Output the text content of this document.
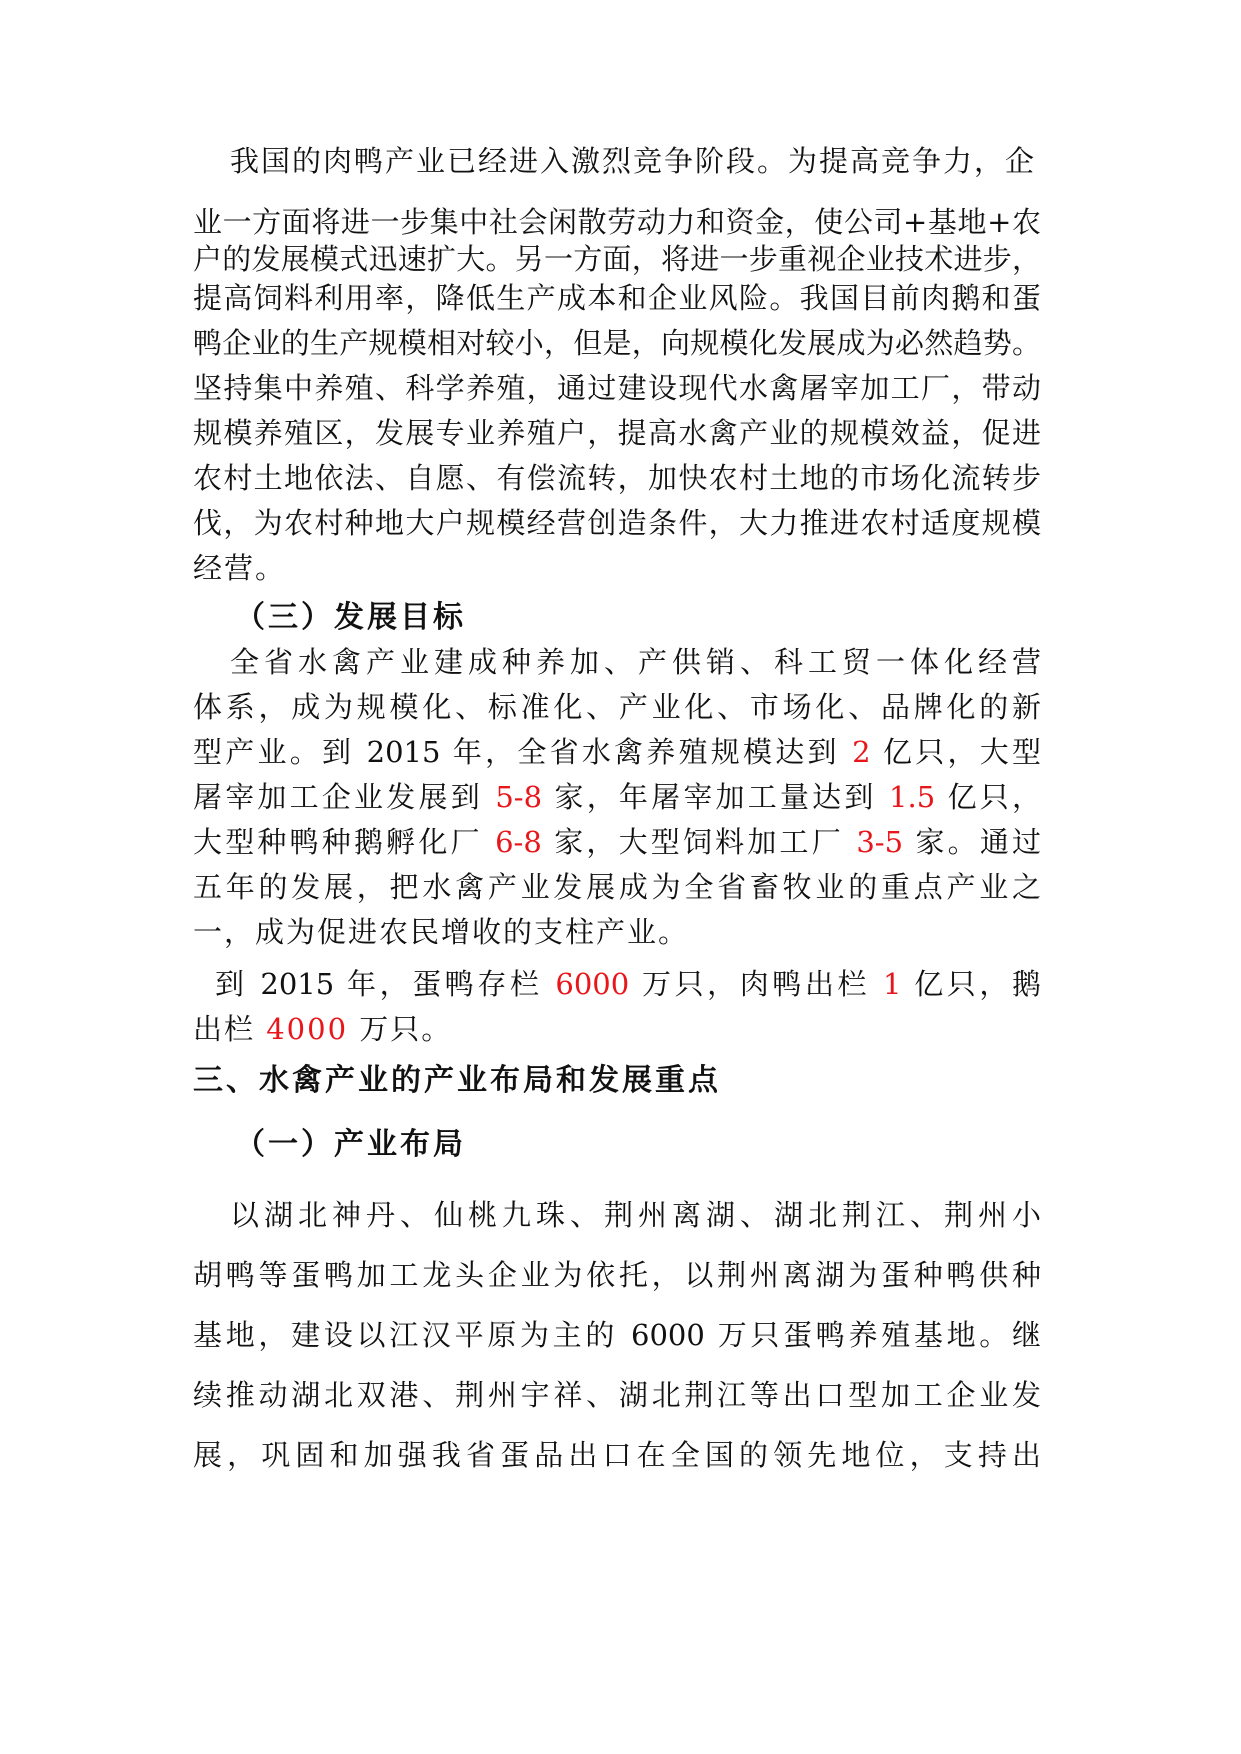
我国的肉鸭产业已经进入激烈竞争阶段。为提高竞争力，企

业一方面将进一步集中社会闲散劳动力和资金，使公司+基地+农

户的发展模式迅速扩大。另一方面，将进一步重视企业技术进步，

提高饲料利用率，降低生产成本和企业风险。我国目前肉鹅和蛋

鸭企业的生产规模相对较小，但是，向规模化发展成为必然趋势。

坚持集中养殖、科学养殖，通过建设现代水禽屠宰加工厂，带动

规模养殖区，发展专业养殖户，提高水禽产业的规模效益，促进

农村土地依法、自愿、有偿流转，加快农村土地的市场化流转步

伐，为农村种地大户规模经营创造条件，大力推进农村适度规模

经营。

（三）发展目标

全省水禽产业建成种养加、产供销、科工贸一体化经营

体系，成为规模化、标准化、产业化、市场化、品牌化的新

型产业。到 2015 年，全省水禽养殖规模达到 2 亿只，大型

屠宰加工企业发展到 5-8 家，年屠宰加工量达到 1.5 亿只，

大型种鸭种鹅孵化厂 6-8 家，大型饲料加工厂 3-5 家。通过

五年的发展，把水禽产业发展成为全省畜牧业的重点产业之

一，成为促进农民增收的支柱产业。

到 2015 年，蛋鸭存栏 6000 万只，肉鸭出栏 1 亿只，鹅

出栏 4000 万只。

三、水禽产业的产业布局和发展重点

（一）产业布局

以湖北神丹、仙桃九珠、荆州离湖、湖北荆江、荆州小

胡鸭等蛋鸭加工龙头企业为依托，以荆州离湖为蛋种鸭供种

基地，建设以江汉平原为主的 6000 万只蛋鸭养殖基地。继

续推动湖北双港、荆州宇祥、湖北荆江等出口型加工企业发

展，巩固和加强我省蛋品出口在全国的领先地位，支持出
